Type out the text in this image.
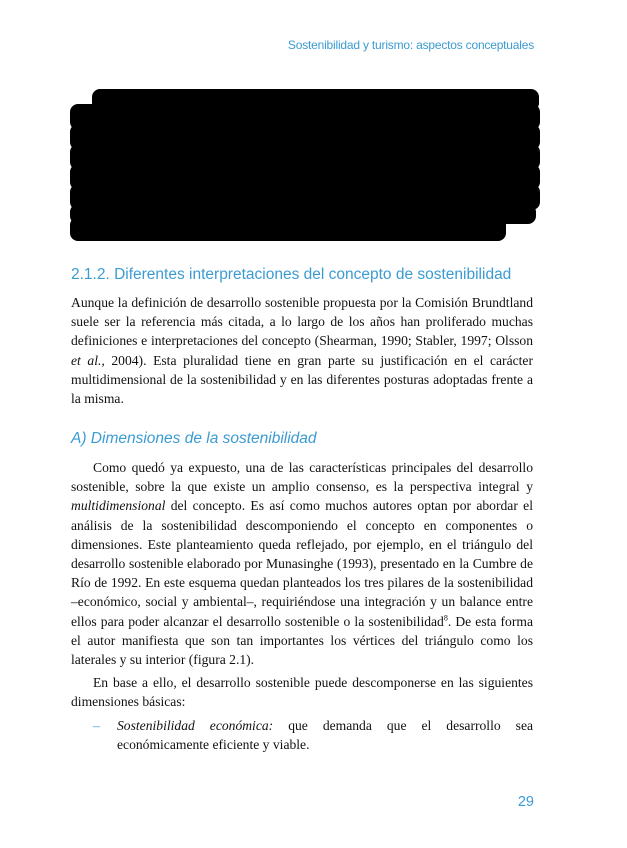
Sostenibilidad y turismo: aspectos conceptuales
2.1.2. Diferentes interpretaciones del concepto de sostenibilidad

Aunque la definición de desarrollo sostenible propuesta por la Comisión Brundtland suele ser la referencia más citada, a lo largo de los años han proliferado muchas definiciones e interpretaciones del concepto (Shearman, 1990; Stabler, 1997; Olsson et al., 2004). Esta pluralidad tiene en gran parte su justificación en el carácter multidimensional de la sostenibilidad y en las diferentes posturas adoptadas frente a la misma.

A) Dimensiones de la sostenibilidad

Como quedó ya expuesto, una de las características principales del desarrollo sostenible, sobre la que existe un amplio consenso, es la perspectiva integral y multidimensional del concepto. Es así como muchos autores optan por abordar el análisis de la sostenibilidad descomponiendo el concepto en componentes o dimensiones. Este planteamiento queda reflejado, por ejemplo, en el triángulo del desarrollo sostenible elaborado por Munasinghe (1993), presentado en la Cumbre de Río de 1992. En este esquema quedan planteados los tres pilares de la sostenibilidad –económico, social y ambiental–, requiriéndose una integración y un balance entre ellos para poder alcanzar el desarrollo sostenible o la sostenibilidad$^8$. De esta forma el autor manifiesta que son tan importantes los vértices del triángulo como los laterales y su interior (figura 2.1).

En base a ello, el desarrollo sostenible puede descomponerse en las siguientes dimensiones básicas:

– Sostenibilidad económica: que demanda que el desarrollo sea económicamente eficiente y viable.
29
